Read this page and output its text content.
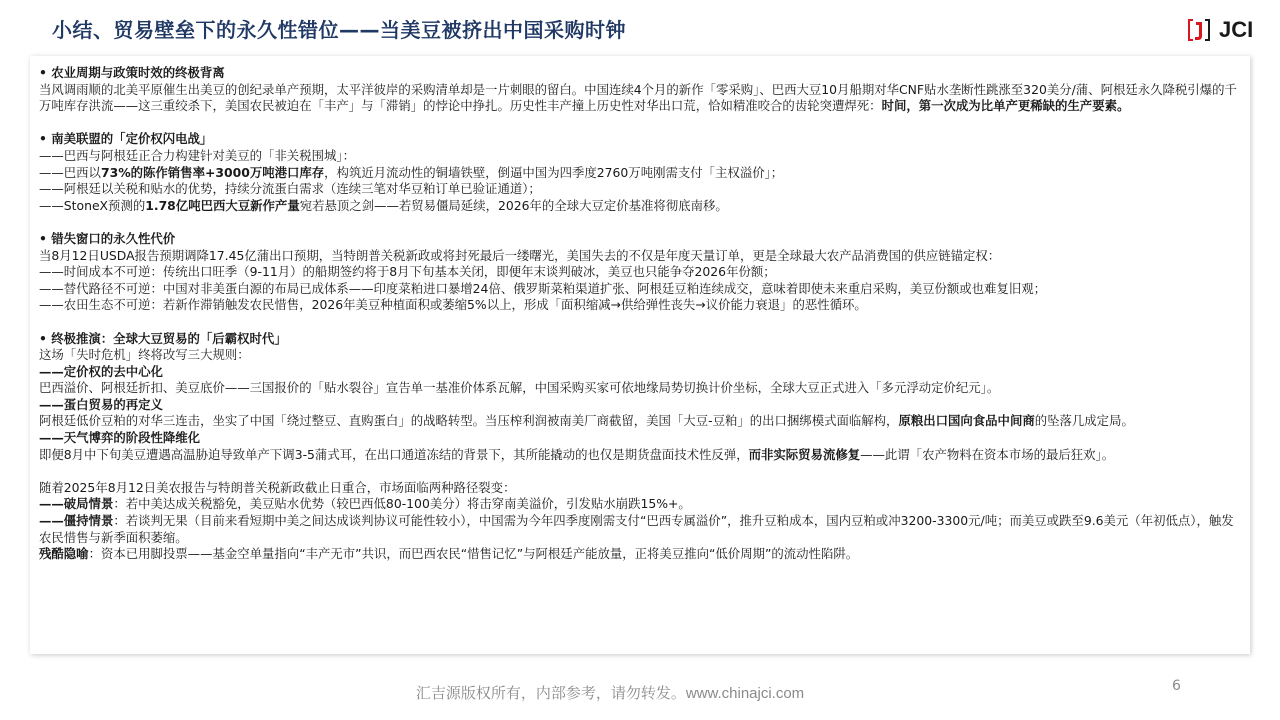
小结、贸易壁垒下的永久性错位——当美豆被挤出中国采购时钟	JCI

• 农业周期与政策时效的终极背离

当风调雨顺的北美平原催生出美豆的创纪录单产预期，太平洋彼岸的采购清单却是一片刺眼的留白。中国连续4个月的新作「零采购」、巴西大豆10月船期对华CNF贴水垄断性跳涨至320美分/蒲、阿根廷永久降税引爆的千万吨库存洪流——这三重绞杀下，美国农民被迫在「丰产」与「滞销」的悖论中挣扎。历史性丰产撞上历史性对华出口荒，恰如精准咬合的齿轮突遭焊死：时间，第一次成为比单产更稀缺的生产要素。

• 南美联盟的「定价权闪电战」

——巴西与阿根廷正合力构建针对美豆的「非关税围城」：

——巴西以73%的陈作销售率+3000万吨港口库存，构筑近月流动性的铜墙铁壁，倒逼中国为四季度2760万吨刚需支付「主权溢价」；

——阿根廷以关税和贴水的优势，持续分流蛋白需求（连续三笔对华豆粕订单已验证通道）；

——StoneX预测的1.78亿吨巴西大豆新作产量宛若悬顶之剑——若贸易僵局延续，2026年的全球大豆定价基准将彻底南移。

• 错失窗口的永久性代价

当8月12日USDA报告预期调降17.45亿蒲出口预期，当特朗普关税新政或将封死最后一缕曙光，美国失去的不仅是年度天量订单，更是全球最大农产品消费国的供应链锚定权：

——时间成本不可逆：传统出口旺季（9-11月）的船期签约将于8月下旬基本关闭，即便年末谈判破冰，美豆也只能争夺2026年份额；

——替代路径不可逆：中国对非美蛋白源的布局已成体系——印度菜粕进口暴增24倍、俄罗斯菜粕渠道扩张、阿根廷豆粕连续成交，意味着即使未来重启采购，美豆份额或也难复旧观；

——农田生态不可逆：若新作滞销触发农民惜售，2026年美豆种植面积或萎缩5%以上，形成「面积缩减→供给弹性丧失→议价能力衰退」的恶性循环。

• 终极推演：全球大豆贸易的「后霸权时代」

这场「失时危机」终将改写三大规则：

——定价权的去中心化

巴西溢价、阿根廷折扣、美豆底价——三国报价的「贴水裂谷」宣告单一基准价体系瓦解，中国采购买家可依地缘局势切换计价坐标，全球大豆正式进入「多元浮动定价纪元」。

——蛋白贸易的再定义

阿根廷低价豆粕的对华三连击，坐实了中国「绕过整豆、直购蛋白」的战略转型。当压榨利润被南美厂商截留，美国「大豆-豆粕」的出口捆绑模式面临解构，原粮出口国向食品中间商的坠落几成定局。

——天气博弈的阶段性降维化

即便8月中下旬美豆遭遇高温胁迫导致单产下调3-5蒲式耳，在出口通道冻结的背景下，其所能撬动的也仅是期货盘面技术性反弹，而非实际贸易流修复——此谓「农产物料在资本市场的最后狂欢」。

随着2025年8月12日美农报告与特朗普关税新政截止日重合，市场面临两种路径裂变：

——破局情景：若中美达成关税豁免，美豆贴水优势（较巴西低80-100美分）将击穿南美溢价，引发贴水崩跌15%+。

——僵持情景：若谈判无果（目前来看短期中美之间达成谈判协议可能性较小），中国需为今年四季度刚需支付“巴西专属溢价”，推升豆粕成本，国内豆粕或冲3200-3300元/吨；而美豆或跌至9.6美元（年初低点），触发农民惜售与新季面积萎缩。

残酷隐喻：资本已用脚投票——基金空单量指向“丰产无市”共识，而巴西农民“惜售记忆”与阿根廷产能放量，正将美豆推向“低价周期”的流动性陷阱。

汇吉源版权所有，内部参考，请勿转发。www.chinajci.com	6
